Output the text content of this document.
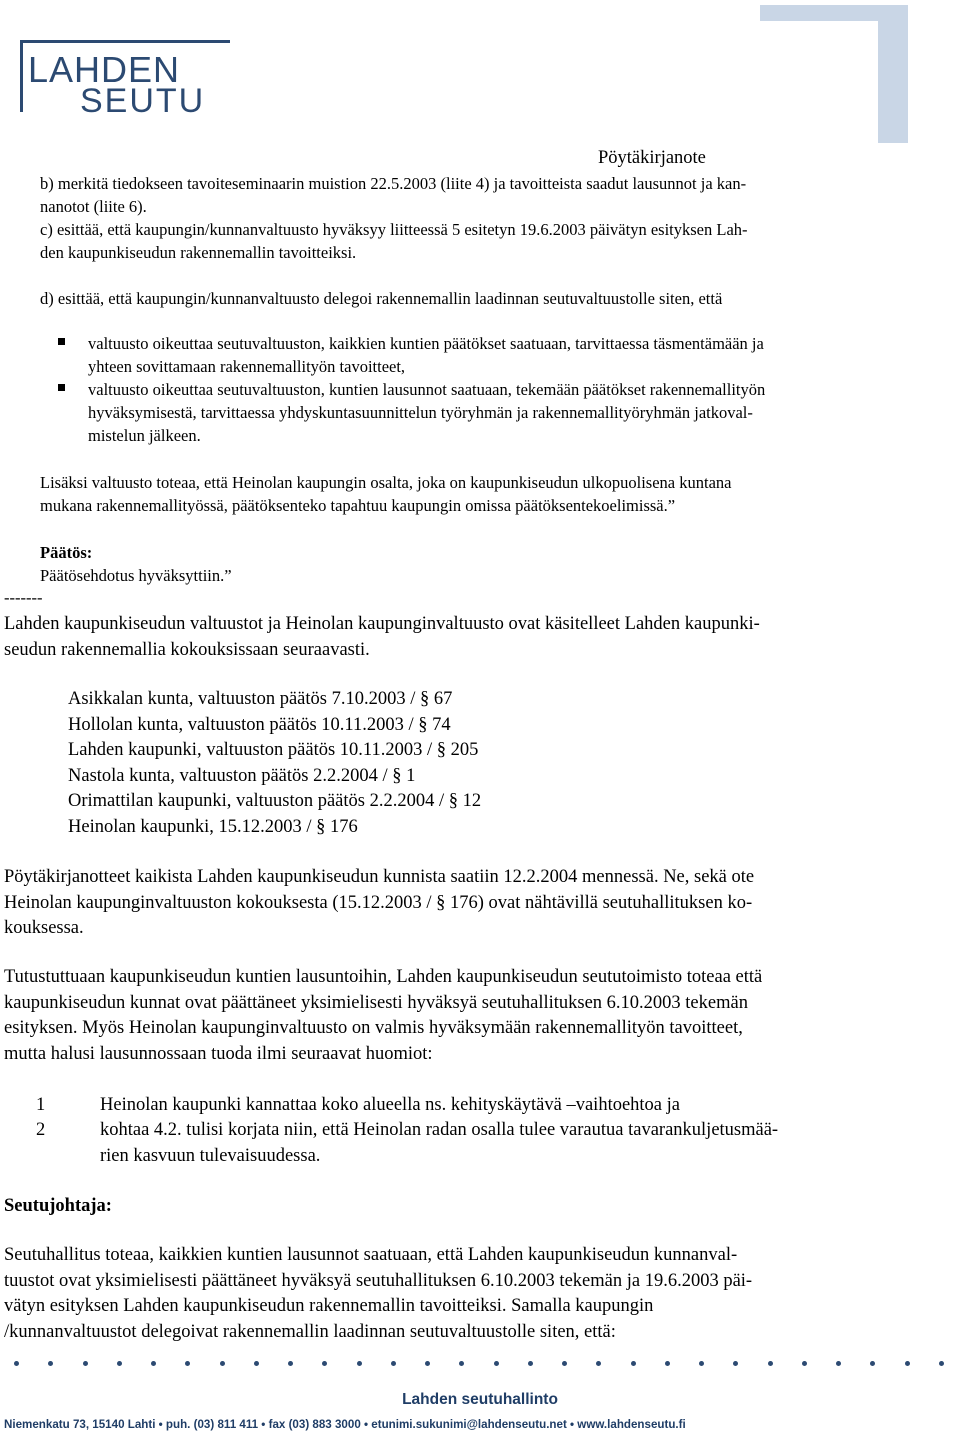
LAHDEN
SEUTU
Pöytäkirjanote
b) merkitä tiedokseen tavoiteseminaarin muistion 22.5.2003 (liite 4) ja tavoitteista saadut lausunnot ja kan-
nanotot (liite 6).
c) esittää, että kaupungin/kunnanvaltuusto hyväksyy liitteessä 5 esitetyn 19.6.2003 päivätyn esityksen Lah-
den kaupunkiseudun rakennemallin tavoitteiksi.
d) esittää, että kaupungin/kunnanvaltuusto delegoi rakennemallin laadinnan seutuvaltuustolle siten, että
valtuusto oikeuttaa seutuvaltuuston, kaikkien kuntien päätökset saatuaan, tarvittaessa täsmentämään ja
yhteen sovittamaan rakennemallityön tavoitteet,
valtuusto oikeuttaa seutuvaltuuston, kuntien lausunnot saatuaan, tekemään päätökset rakennemallityön
hyväksymisestä, tarvittaessa yhdyskuntasuunnittelun työryhmän ja rakennemallityöryhmän jatkoval-
mistelun jälkeen.
Lisäksi valtuusto toteaa, että Heinolan kaupungin osalta, joka on kaupunkiseudun ulkopuolisena kuntana
mukana rakennemallityössä, päätöksenteko tapahtuu kaupungin omissa päätöksentekoelimissä.”
Päätös:
Päätösehdotus hyväksyttiin.”
-------
Lahden kaupunkiseudun valtuustot ja Heinolan kaupunginvaltuusto ovat käsitelleet Lahden kaupunki-
seudun rakennemallia kokouksissaan seuraavasti.
Asikkalan kunta, valtuuston päätös 7.10.2003 / § 67
Hollolan kunta, valtuuston päätös 10.11.2003 / § 74
Lahden kaupunki, valtuuston päätös 10.11.2003 / § 205
Nastola kunta, valtuuston päätös 2.2.2004 / § 1
Orimattilan kaupunki, valtuuston päätös 2.2.2004 / § 12
Heinolan kaupunki, 15.12.2003 / § 176
Pöytäkirjanotteet kaikista Lahden kaupunkiseudun kunnista saatiin 12.2.2004 mennessä. Ne, sekä ote
Heinolan kaupunginvaltuuston kokouksesta (15.12.2003 / § 176) ovat nähtävillä seutuhallituksen ko-
kouksessa.
Tutustuttuaan kaupunkiseudun kuntien lausuntoihin, Lahden kaupunkiseudun seututoimisto toteaa että
kaupunkiseudun kunnat ovat päättäneet yksimielisesti hyväksyä seutuhallituksen 6.10.2003 tekemän
esityksen. Myös Heinolan kaupunginvaltuusto on valmis hyväksymään rakennemallityön tavoitteet,
mutta halusi lausunnossaan tuoda ilmi seuraavat huomiot:
1	Heinolan kaupunki kannattaa koko alueella ns. kehityskäytävä –vaihtoehtoa ja
2	kohtaa 4.2. tulisi korjata niin, että Heinolan radan osalla tulee varautua tavarankuljetusmää-
rien kasvuun tulevaisuudessa.
Seutujohtaja:
Seutuhallitus toteaa, kaikkien kuntien lausunnot saatuaan, että Lahden kaupunkiseudun kunnanval-
tuustot ovat yksimielisesti päättäneet hyväksyä seutuhallituksen 6.10.2003 tekemän ja 19.6.2003 päi-
vätyn esityksen Lahden kaupunkiseudun rakennemallin tavoitteiksi. Samalla kaupungin
/kunnanvaltuustot delegoivat rakennemallin laadinnan seutuvaltuustolle siten, että:
Lahden seutuhallinto
Niemenkatu 73, 15140 Lahti • puh. (03) 811 411 • fax (03) 883 3000 • etunimi.sukunimi@lahdenseutu.net • www.lahdenseutu.fi
